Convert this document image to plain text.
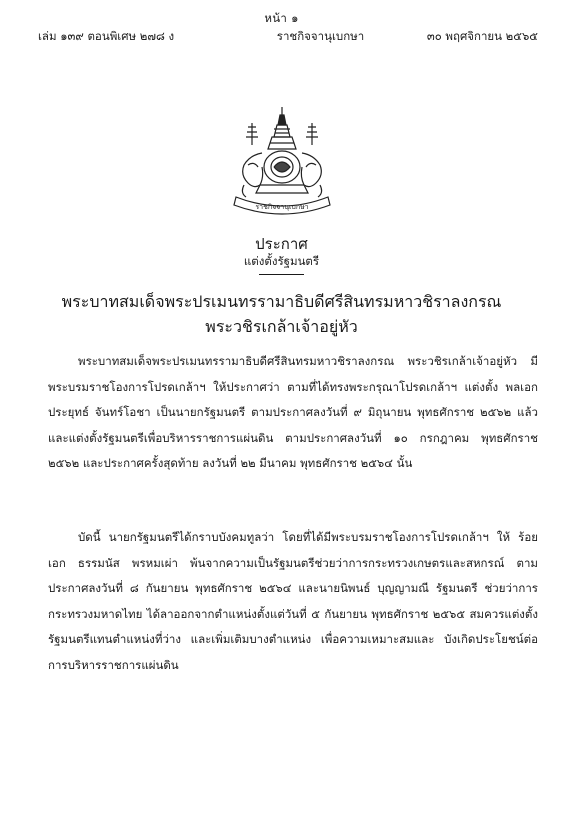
หน้า ๑
เล่ม ๑๓๙ ตอนพิเศษ ๒๗๘ ง	ราชกิจจานุเบกษา	๓๐ พฤศจิกายน ๒๕๖๕
ราชกิจจานุเบกษา
ประกาศ
แต่งตั้งรัฐมนตรี
พระบาทสมเด็จพระปรเมนทรรามาธิบดีศรีสินทรมหาวชิราลงกรณ
พระวชิรเกล้าเจ้าอยู่หัว

พระบาทสมเด็จพระปรเมนทรรามาธิบดีศรีสินทรมหาวชิราลงกรณ พระวชิรเกล้าเจ้าอยู่หัว มีพระบรมราชโองการโปรดเกล้าฯ ให้ประกาศว่า ตามที่ได้ทรงพระกรุณาโปรดเกล้าฯ แต่งตั้ง พลเอก ประยุทธ์ จันทร์โอชา เป็นนายกรัฐมนตรี ตามประกาศลงวันที่ ๙ มิถุนายน พุทธศักราช ๒๕๖๒ แล้ว และแต่งตั้งรัฐมนตรีเพื่อบริหารราชการแผ่นดิน ตามประกาศลงวันที่ ๑๐ กรกฎาคม พุทธศักราช ๒๕๖๒ และประกาศครั้งสุดท้าย ลงวันที่ ๒๒ มีนาคม พุทธศักราช ๒๕๖๔ นั้น

บัดนี้ นายกรัฐมนตรีได้กราบบังคมทูลว่า โดยที่ได้มีพระบรมราชโองการโปรดเกล้าฯ ให้ ร้อยเอก ธรรมนัส พรหมเผ่า พ้นจากความเป็นรัฐมนตรีช่วยว่าการกระทรวงเกษตรและสหกรณ์ ตามประกาศลงวันที่ ๘ กันยายน พุทธศักราช ๒๕๖๔ และนายนิพนธ์ บุญญามณี รัฐมนตรี ช่วยว่าการกระทรวงมหาดไทย ได้ลาออกจากตำแหน่งตั้งแต่วันที่ ๕ กันยายน พุทธศักราช ๒๕๖๕ สมควรแต่งตั้งรัฐมนตรีแทนตำแหน่งที่ว่าง และเพิ่มเติมบางตำแหน่ง เพื่อความเหมาะสมและ บังเกิดประโยชน์ต่อการบริหารราชการแผ่นดิน
